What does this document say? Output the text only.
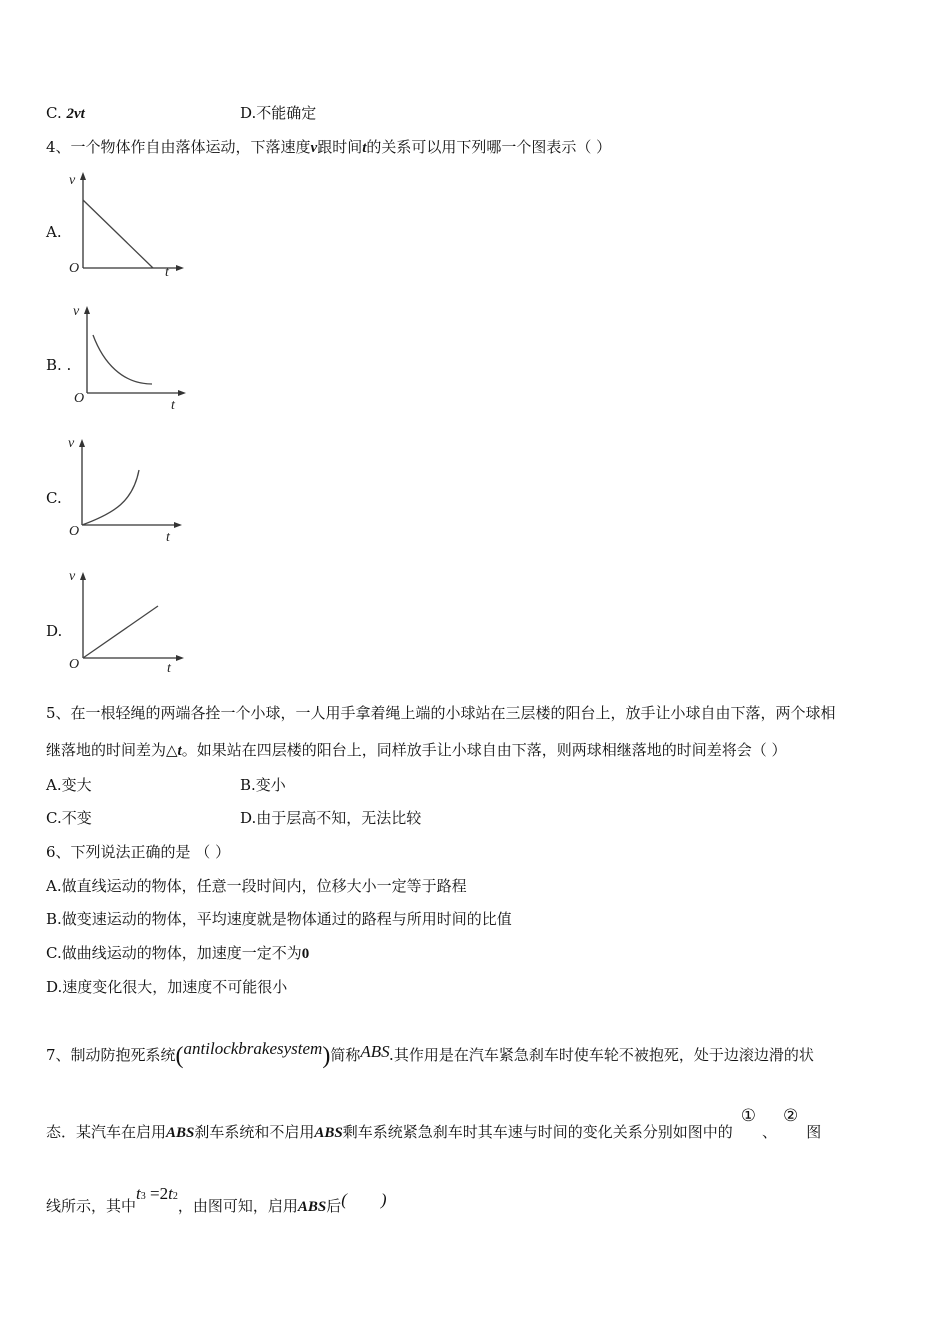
C. 2vt	D.不能确定
4、一个物体作自由落体运动，下落速度v跟时间t的关系可以用下列哪一个图表示（ ）
A.
v
t
O
B. .
v
t
O
C.
v
t
O
D.
v
t
O
5、在一根轻绳的两端各拴一个小球，一人用手拿着绳上端的小球站在三层楼的阳台上，放手让小球自由下落，两个球相
继落地的时间差为△t。如果站在四层楼的阳台上，同样放手让小球自由下落，则两球相继落地的时间差将会（ ）
A.变大	B.变小
C.不变	D.由于层高不知，无法比较
6、下列说法正确的是 （ ）
A.做直线运动的物体，任意一段时间内，位移大小一定等于路程
B.做变速运动的物体，平均速度就是物体通过的路程与所用时间的比值
C.做曲线运动的物体，加速度一定不为0
D.速度变化很大，加速度不可能很小
7、制动防抱死系统(antilockbrakesystem)简称ABS.其作用是在汽车紧急刹车时使车轮不被抱死，处于边滚边滑的状
态．某汽车在启用ABS刹车系统和不启用ABS剩车系统紧急刹车时其车速与时间的变化关系分别如图中的①、②图
线所示，其中t3 =2t2，由图可知，启用ABS后(        )
